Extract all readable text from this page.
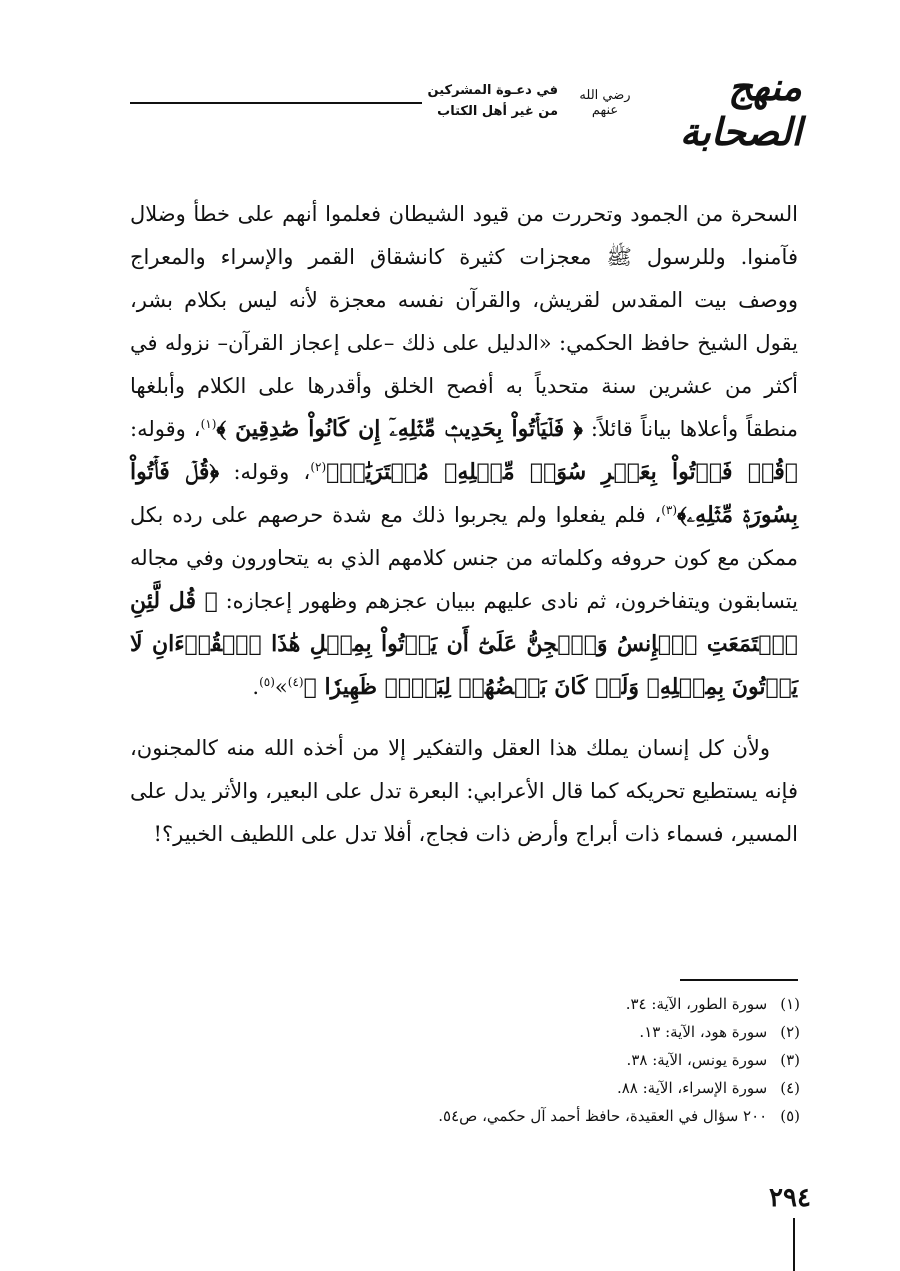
في دعـوة المشركين
من غير أهل الكتاب
رضي الله عنهم
منهج الصحابة

السحرة من الجمود وتحررت من قيود الشيطان فعلموا أنهم على خطأ وضلال فآمنوا. وللرسول ﷺ معجزات كثيرة كانشقاق القمر والإسراء والمعراج ووصف بيت المقدس لقريش، والقرآن نفسه معجزة لأنه ليس بكلام بشر، يقول الشيخ حافظ الحكمي: «الدليل على ذلك –على إعجاز القرآن– نزوله في أكثر من عشرين سنة متحدياً به أفصح الخلق وأقدرها على الكلام وأبلغها منطقاً وأعلاها بياناً قائلاً: ﴿ فَلۡيَأۡتُواْ بِحَدِيثٖ مِّثۡلِهِۦٓ إِن كَانُواْ صَٰدِقِينَ ﴾$^{(١)}$، وقوله: ﴿قُلۡ فَأۡتُواْ بِعَشۡرِ سُوَرٖ مِّثۡلِهِۦ مُفۡتَرَيَٰتٖ﴾$^{(٢)}$، وقوله: ﴿قُلۡ فَأۡتُواْ بِسُورَةٖ مِّثۡلِهِۦ﴾$^{(٣)}$، فلم يفعلوا ولم يجربوا ذلك مع شدة حرصهم على رده بكل ممكن مع كون حروفه وكلماته من جنس كلامهم الذي به يتحاورون وفي مجاله يتسابقون ويتفاخرون، ثم نادى عليهم ببيان عجزهم وظهور إعجازه: ﴿ قُل لَّئِنِ ٱجۡتَمَعَتِ ٱلۡإِنسُ وَٱلۡجِنُّ عَلَىٰٓ أَن يَأۡتُواْ بِمِثۡلِ هَٰذَا ٱلۡقُرۡءَانِ لَا يَأۡتُونَ بِمِثۡلِهِۦ وَلَوۡ كَانَ بَعۡضُهُمۡ لِبَعۡضٖ ظَهِيرٗا ﴾$^{(٤)}$»$^{(٥)}$.

ولأن كل إنسان يملك هذا العقل والتفكير إلا من أخذه الله منه كالمجنون، فإنه يستطيع تحريكه كما قال الأعرابي: البعرة تدل على البعير، والأثر يدل على المسير، فسماء ذات أبراج وأرض ذات فجاج، أفلا تدل على اللطيف الخبير؟!

(١) سورة الطور، الآية: ٣٤.
(٢) سورة هود، الآية: ١٣.
(٣) سورة يونس، الآية: ٣٨.
(٤) سورة الإسراء، الآية: ٨٨.
(٥) ٢٠٠ سؤال في العقيدة، حافظ أحمد آل حكمي، ص٥٤.
٢٩٤
